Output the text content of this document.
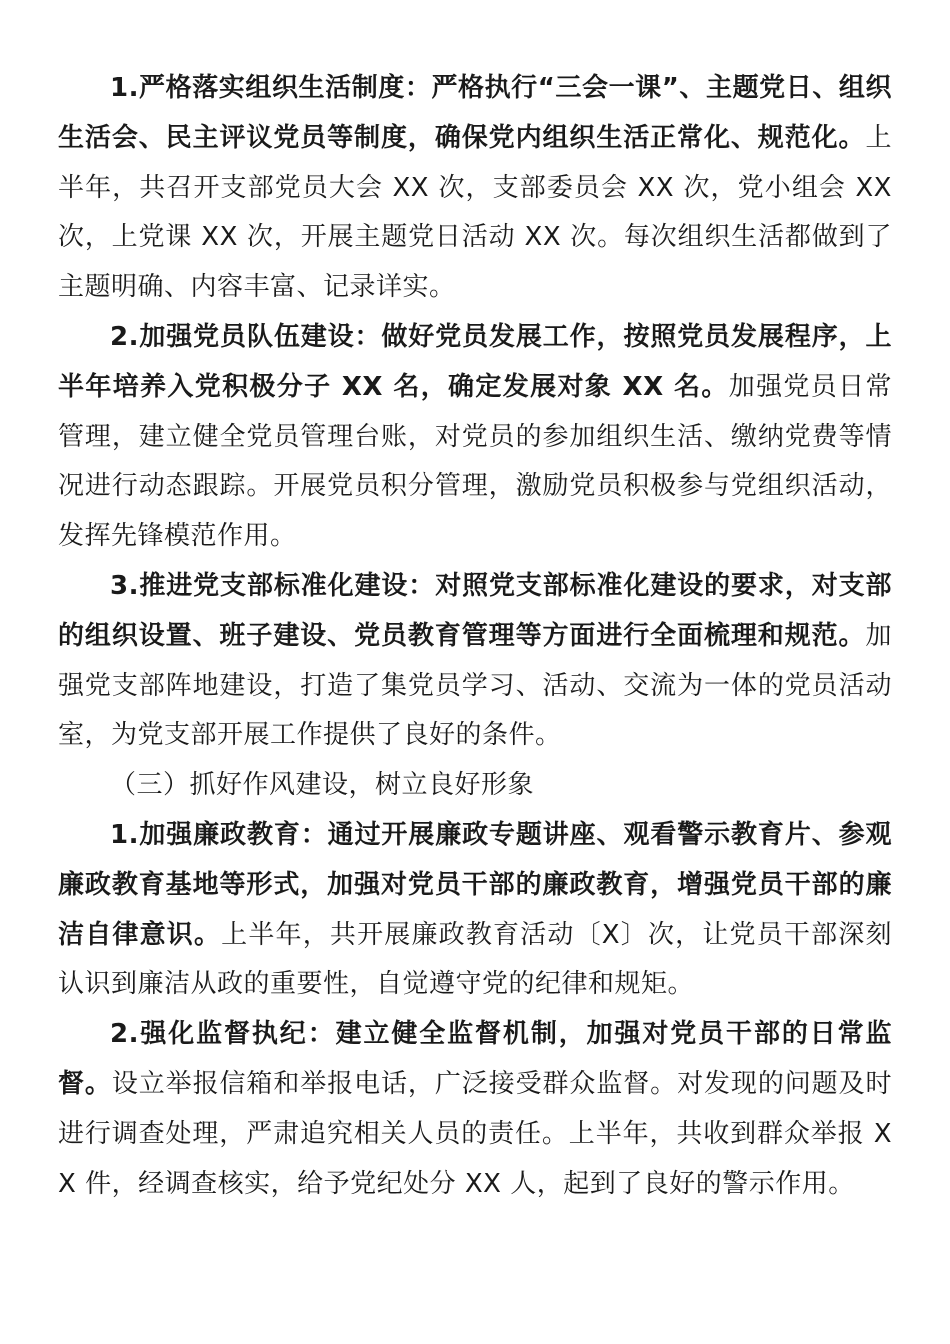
1.严格落实组织生活制度：严格执行“三会一课”、主题党日、组织生活会、民主评议党员等制度，确保党内组织生活正常化、规范化。上半年，共召开支部党员大会 XX 次，支部委员会 XX 次，党小组会 XX 次，上党课 XX 次，开展主题党日活动 XX 次。每次组织生活都做到了主题明确、内容丰富、记录详实。

2.加强党员队伍建设：做好党员发展工作，按照党员发展程序，上半年培养入党积极分子 XX 名，确定发展对象 XX 名。加强党员日常管理，建立健全党员管理台账，对党员的参加组织生活、缴纳党费等情况进行动态跟踪。开展党员积分管理，激励党员积极参与党组织活动，发挥先锋模范作用。

3.推进党支部标准化建设：对照党支部标准化建设的要求，对支部的组织设置、班子建设、党员教育管理等方面进行全面梳理和规范。加强党支部阵地建设，打造了集党员学习、活动、交流为一体的党员活动室，为党支部开展工作提供了良好的条件。

（三）抓好作风建设，树立良好形象

1.加强廉政教育：通过开展廉政专题讲座、观看警示教育片、参观廉政教育基地等形式，加强对党员干部的廉政教育，增强党员干部的廉洁自律意识。上半年，共开展廉政教育活动〔X〕次，让党员干部深刻认识到廉洁从政的重要性，自觉遵守党的纪律和规矩。

2.强化监督执纪：建立健全监督机制，加强对党员干部的日常监督。设立举报信箱和举报电话，广泛接受群众监督。对发现的问题及时进行调查处理，严肃追究相关人员的责任。上半年，共收到群众举报 XX 件，经调查核实，给予党纪处分 XX 人，起到了良好的警示作用。
